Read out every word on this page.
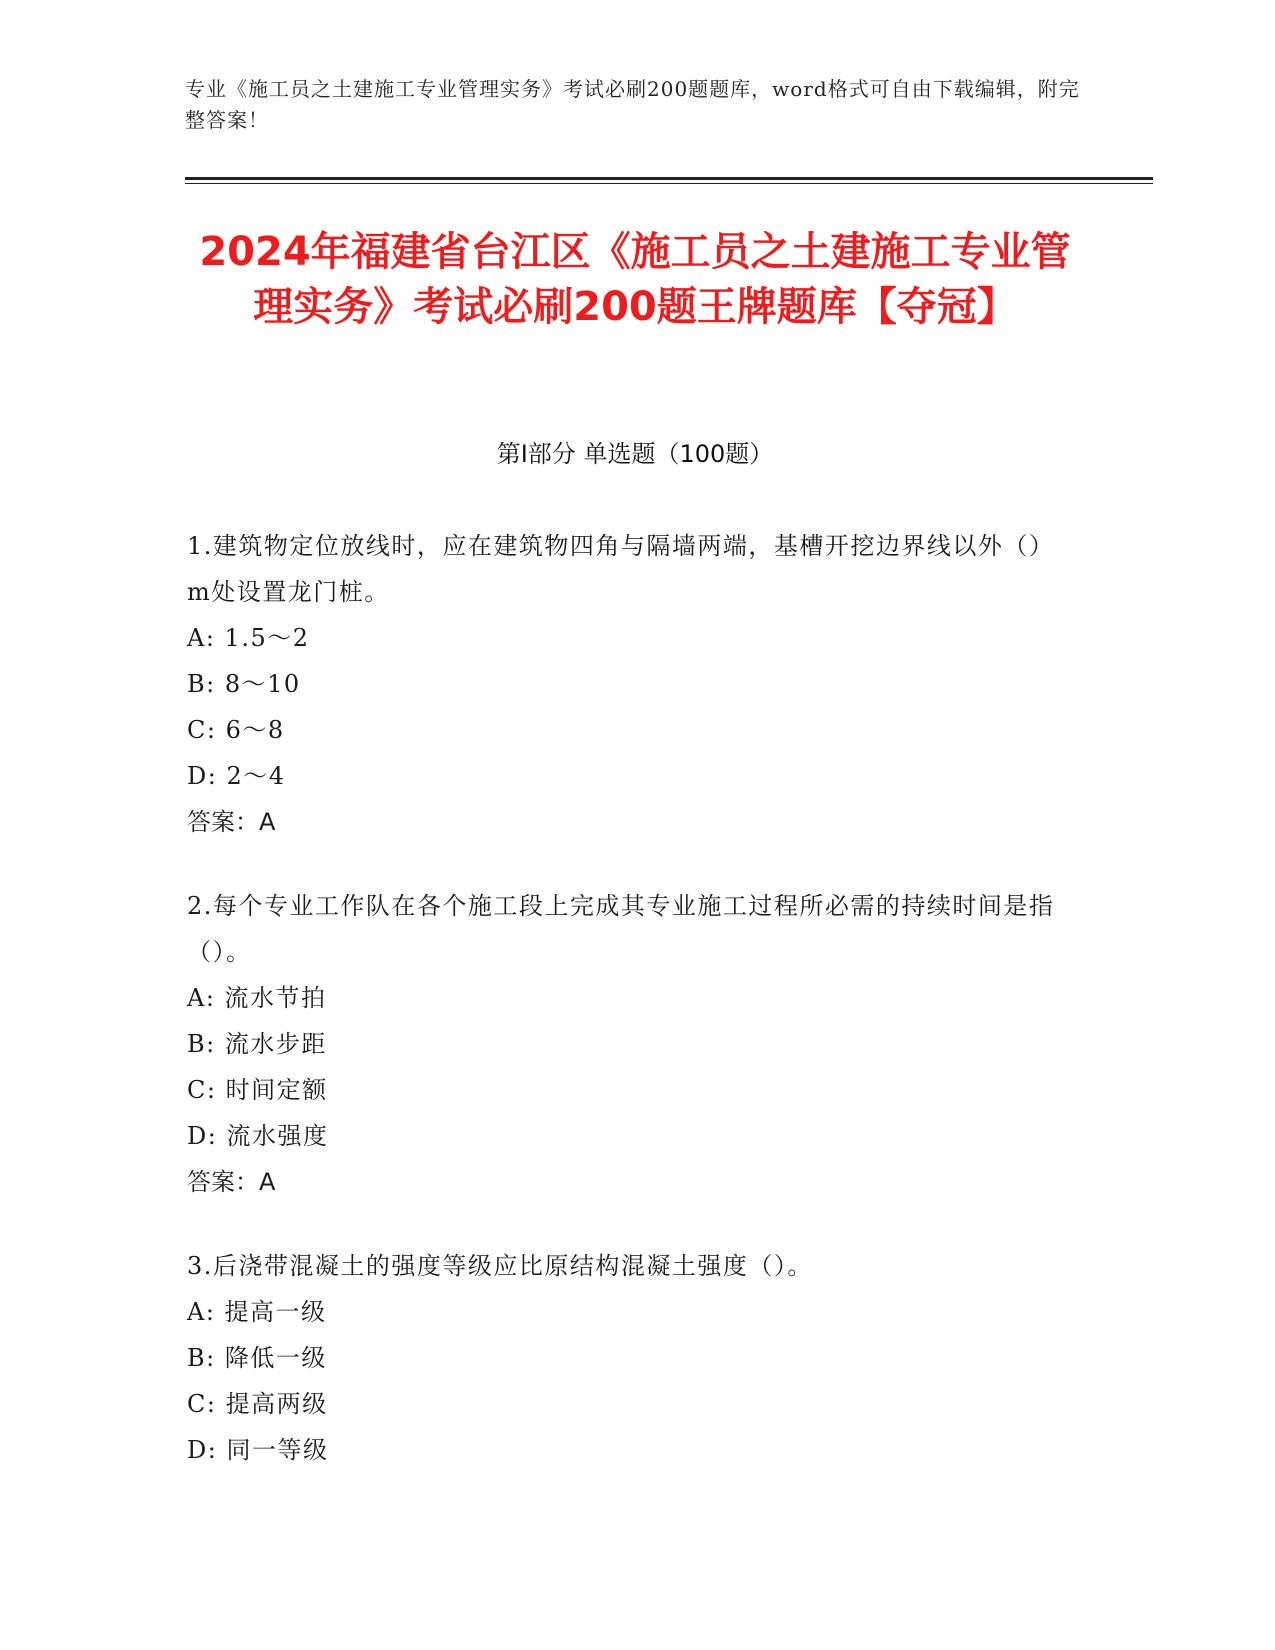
专业《施工员之土建施工专业管理实务》考试必刷200题题库，word格式可自由下载编辑，附完整答案！
2024年福建省台江区《施工员之土建施工专业管理实务》考试必刷200题王牌题库【夺冠】
第I部分 单选题（100题）

1.建筑物定位放线时，应在建筑物四角与隔墙两端，基槽开挖边界线以外（）m处设置龙门桩。

A: 1.5～2

B: 8～10

C: 6～8

D: 2～4

答案：A

2.每个专业工作队在各个施工段上完成其专业施工过程所必需的持续时间是指（）。

A: 流水节拍

B: 流水步距

C: 时间定额

D: 流水强度

答案：A

3.后浇带混凝土的强度等级应比原结构混凝土强度（）。

A: 提高一级

B: 降低一级

C: 提高两级

D: 同一等级
